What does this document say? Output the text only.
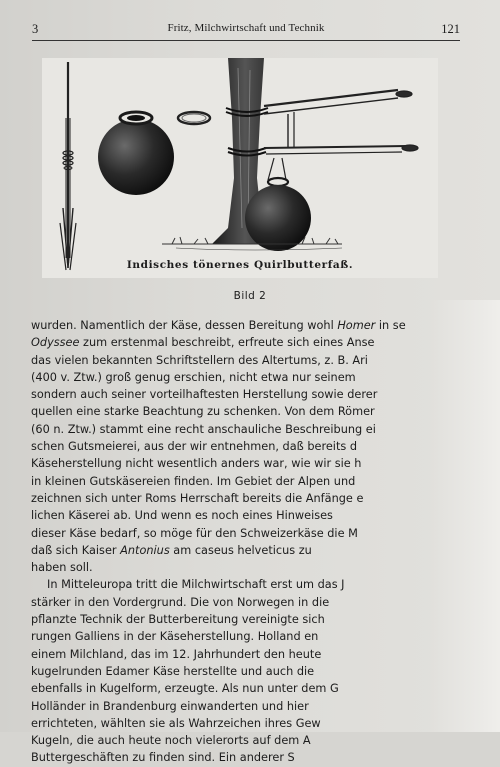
3	Fritz, Milchwirtschaft und Technik	121
Indisches tönernes Quirlbutterfaß.
Bild 2
wurden. Namentlich der Käse, dessen Bereitung wohl Homer in se
Odyssee zum erstenmal beschreibt, erfreute sich eines Anse
das vielen bekannten Schriftstellern des Altertums, z. B. Ari
(400 v. Ztw.) groß genug erschien, nicht etwa nur seinem
sondern auch seiner vorteilhaftesten Herstellung sowie derer
quellen eine starke Beachtung zu schenken. Von dem Römer
(60 n. Ztw.) stammt eine recht anschauliche Beschreibung ei
schen Gutsmeierei, aus der wir entnehmen, daß bereits d
Käseherstellung nicht wesentlich anders war, wie wir sie h
in kleinen Gutskäsereien finden. Im Gebiet der Alpen und
zeichnen sich unter Roms Herrschaft bereits die Anfänge e
lichen Käserei ab. Und wenn es noch eines Hinweises
dieser Käse bedarf, so möge für den Schweizerkäse die M
daß sich Kaiser Antonius am caseus helveticus zu
haben soll.
In Mitteleuropa tritt die Milchwirtschaft erst um das J
stärker in den Vordergrund. Die von Norwegen in die
pflanzte Technik der Butterbereitung vereinigte sich
rungen Galliens in der Käseherstellung. Holland en
einem Milchland, das im 12. Jahrhundert den heute
kugelrunden Edamer Käse herstellte und auch die
ebenfalls in Kugelform, erzeugte. Als nun unter dem G
Holländer in Brandenburg einwanderten und hier
errichteten, wählten sie als Wahrzeichen ihres Gew
Kugeln, die auch heute noch vielerorts auf dem A
Buttergeschäften zu finden sind. Ein anderer S
